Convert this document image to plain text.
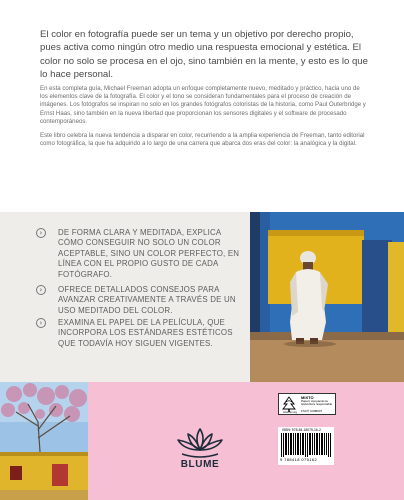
El color en fotografía puede ser un tema y un objetivo por derecho propio, pues activa como ningún otro medio una respuesta emocional y estética. El color no solo se procesa en el ojo, sino también en la mente, y esto es lo que lo hace personal.

En esta completa guía, Michael Freeman adopta un enfoque completamente nuevo, meditado y práctico, hacia uno de los elementos clave de la fotografía. El color y el tono se consideran fundamentales para el proceso de creación de imágenes. Los fotógrafos se inspiran no solo en los grandes fotógrafos coloristas de la historia, como Paul Outerbridge y Ernst Haas, sino también en la nueva libertad que proporcionan los sensores digitales y el software de procesado contemporáneos.

Este libro celebra la nueva tendencia a disparar en color, recurriendo a la amplia experiencia de Freeman, tanto editorial como fotográfica, la que ha adquirido a lo largo de una carrera que abarca dos eras del color: la analógica y la digital.

›	DE FORMA CLARA Y MEDITADA, EXPLICA CÓMO CONSEGUIR NO SOLO UN COLOR ACEPTABLE, SINO UN COLOR PERFECTO, EN LÍNEA CON EL PROPIO GUSTO DE CADA FOTÓGRAFO.
›	OFRECE DETALLADOS CONSEJOS PARA AVANZAR CREATIVAMENTE A TRAVÉS DE UN USO MEDITADO DEL COLOR.
›	EXAMINA EL PAPEL DE LA PELÍCULA, QUE INCORPORA LOS ESTÁNDARES ESTÉTICOS QUE TODAVÍA HOY SIGUEN VIGENTES.
MIXTO
Papel | Apoyando la silvicultura responsable
FSC® C008047
www.fsc.org
ISBN: 978-84-18075-16-2
9 788418 075162
BLUME
